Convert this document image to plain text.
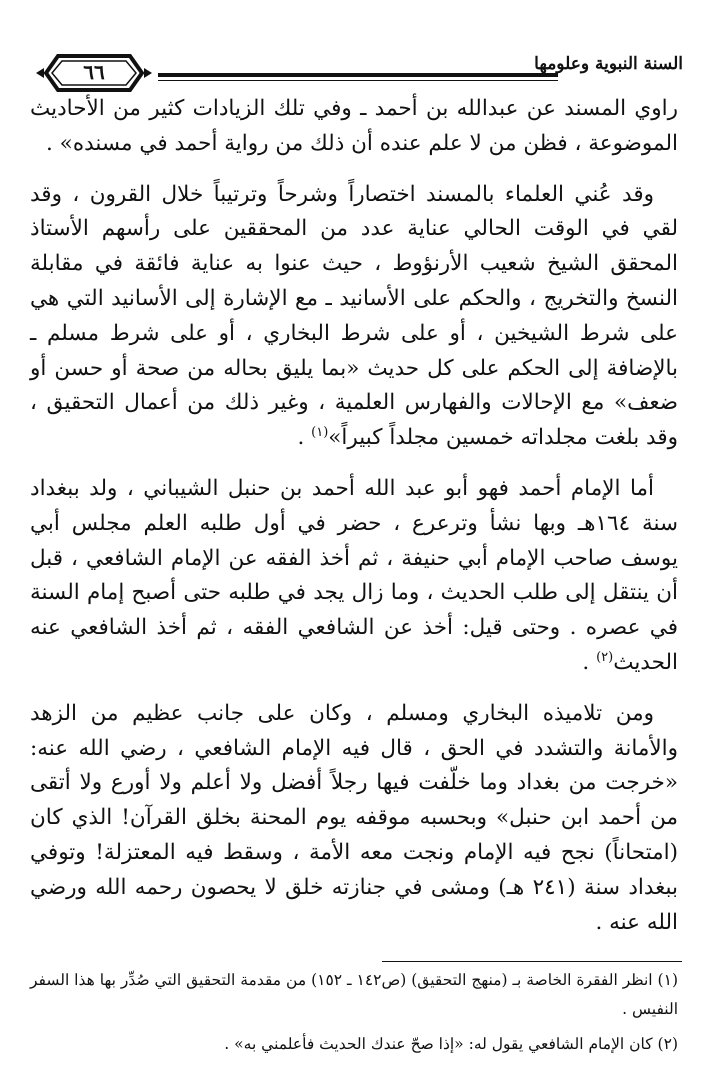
٦٦	السنة النبوية وعلومها

راوي المسند عن عبدالله بن أحمد ـ وفي تلك الزيادات كثير من الأحاديث الموضوعة ، فظن من لا علم عنده أن ذلك من رواية أحمد في مسنده» .

وقد عُني العلماء بالمسند اختصاراً وشرحاً وترتيباً خلال القرون ، وقد لقي في الوقت الحالي عناية عدد من المحققين على رأسهم الأستاذ المحقق الشيخ شعيب الأرنؤوط ، حيث عنوا به عناية فائقة في مقابلة النسخ والتخريج ، والحكم على الأسانيد ـ مع الإشارة إلى الأسانيد التي هي على شرط الشيخين ، أو على شرط البخاري ، أو على شرط مسلم ـ بالإضافة إلى الحكم على كل حديث «بما يليق بحاله من صحة أو حسن أو ضعف» مع الإحالات والفهارس العلمية ، وغير ذلك من أعمال التحقيق ، وقد بلغت مجلداته خمسين مجلداً كبيراً»$^{(١)}$ .

أما الإمام أحمد فهو أبو عبد الله أحمد بن حنبل الشيباني ، ولد ببغداد سنة ١٦٤هـ وبها نشأ وترعرع ، حضر في أول طلبه العلم مجلس أبي يوسف صاحب الإمام أبي حنيفة ، ثم أخذ الفقه عن الإمام الشافعي ، قبل أن ينتقل إلى طلب الحديث ، وما زال يجد في طلبه حتى أصبح إمام السنة في عصره . وحتى قيل: أخذ عن الشافعي الفقه ، ثم أخذ الشافعي عنه الحديث$^{(٢)}$ .

ومن تلاميذه البخاري ومسلم ، وكان على جانب عظيم من الزهد والأمانة والتشدد في الحق ، قال فيه الإمام الشافعي ، رضي الله عنه: «خرجت من بغداد وما خلّفت فيها رجلاً أفضل ولا أعلم ولا أورع ولا أتقى من أحمد ابن حنبل» وبحسبه موقفه يوم المحنة بخلق القرآن! الذي كان (امتحاناً) نجح فيه الإمام ونجت معه الأمة ، وسقط فيه المعتزلة! وتوفي ببغداد سنة (٢٤١ هـ) ومشى في جنازته خلق لا يحصون رحمه الله ورضي الله عنه .

(١) انظر الفقرة الخاصة بـ (منهج التحقيق) (ص١٤٢ ـ ١٥٢) من مقدمة التحقيق التي صُدِّر بها هذا السفر النفيس .

(٢) كان الإمام الشافعي يقول له: «إذا صحّ عندك الحديث فأعلمني به» .
